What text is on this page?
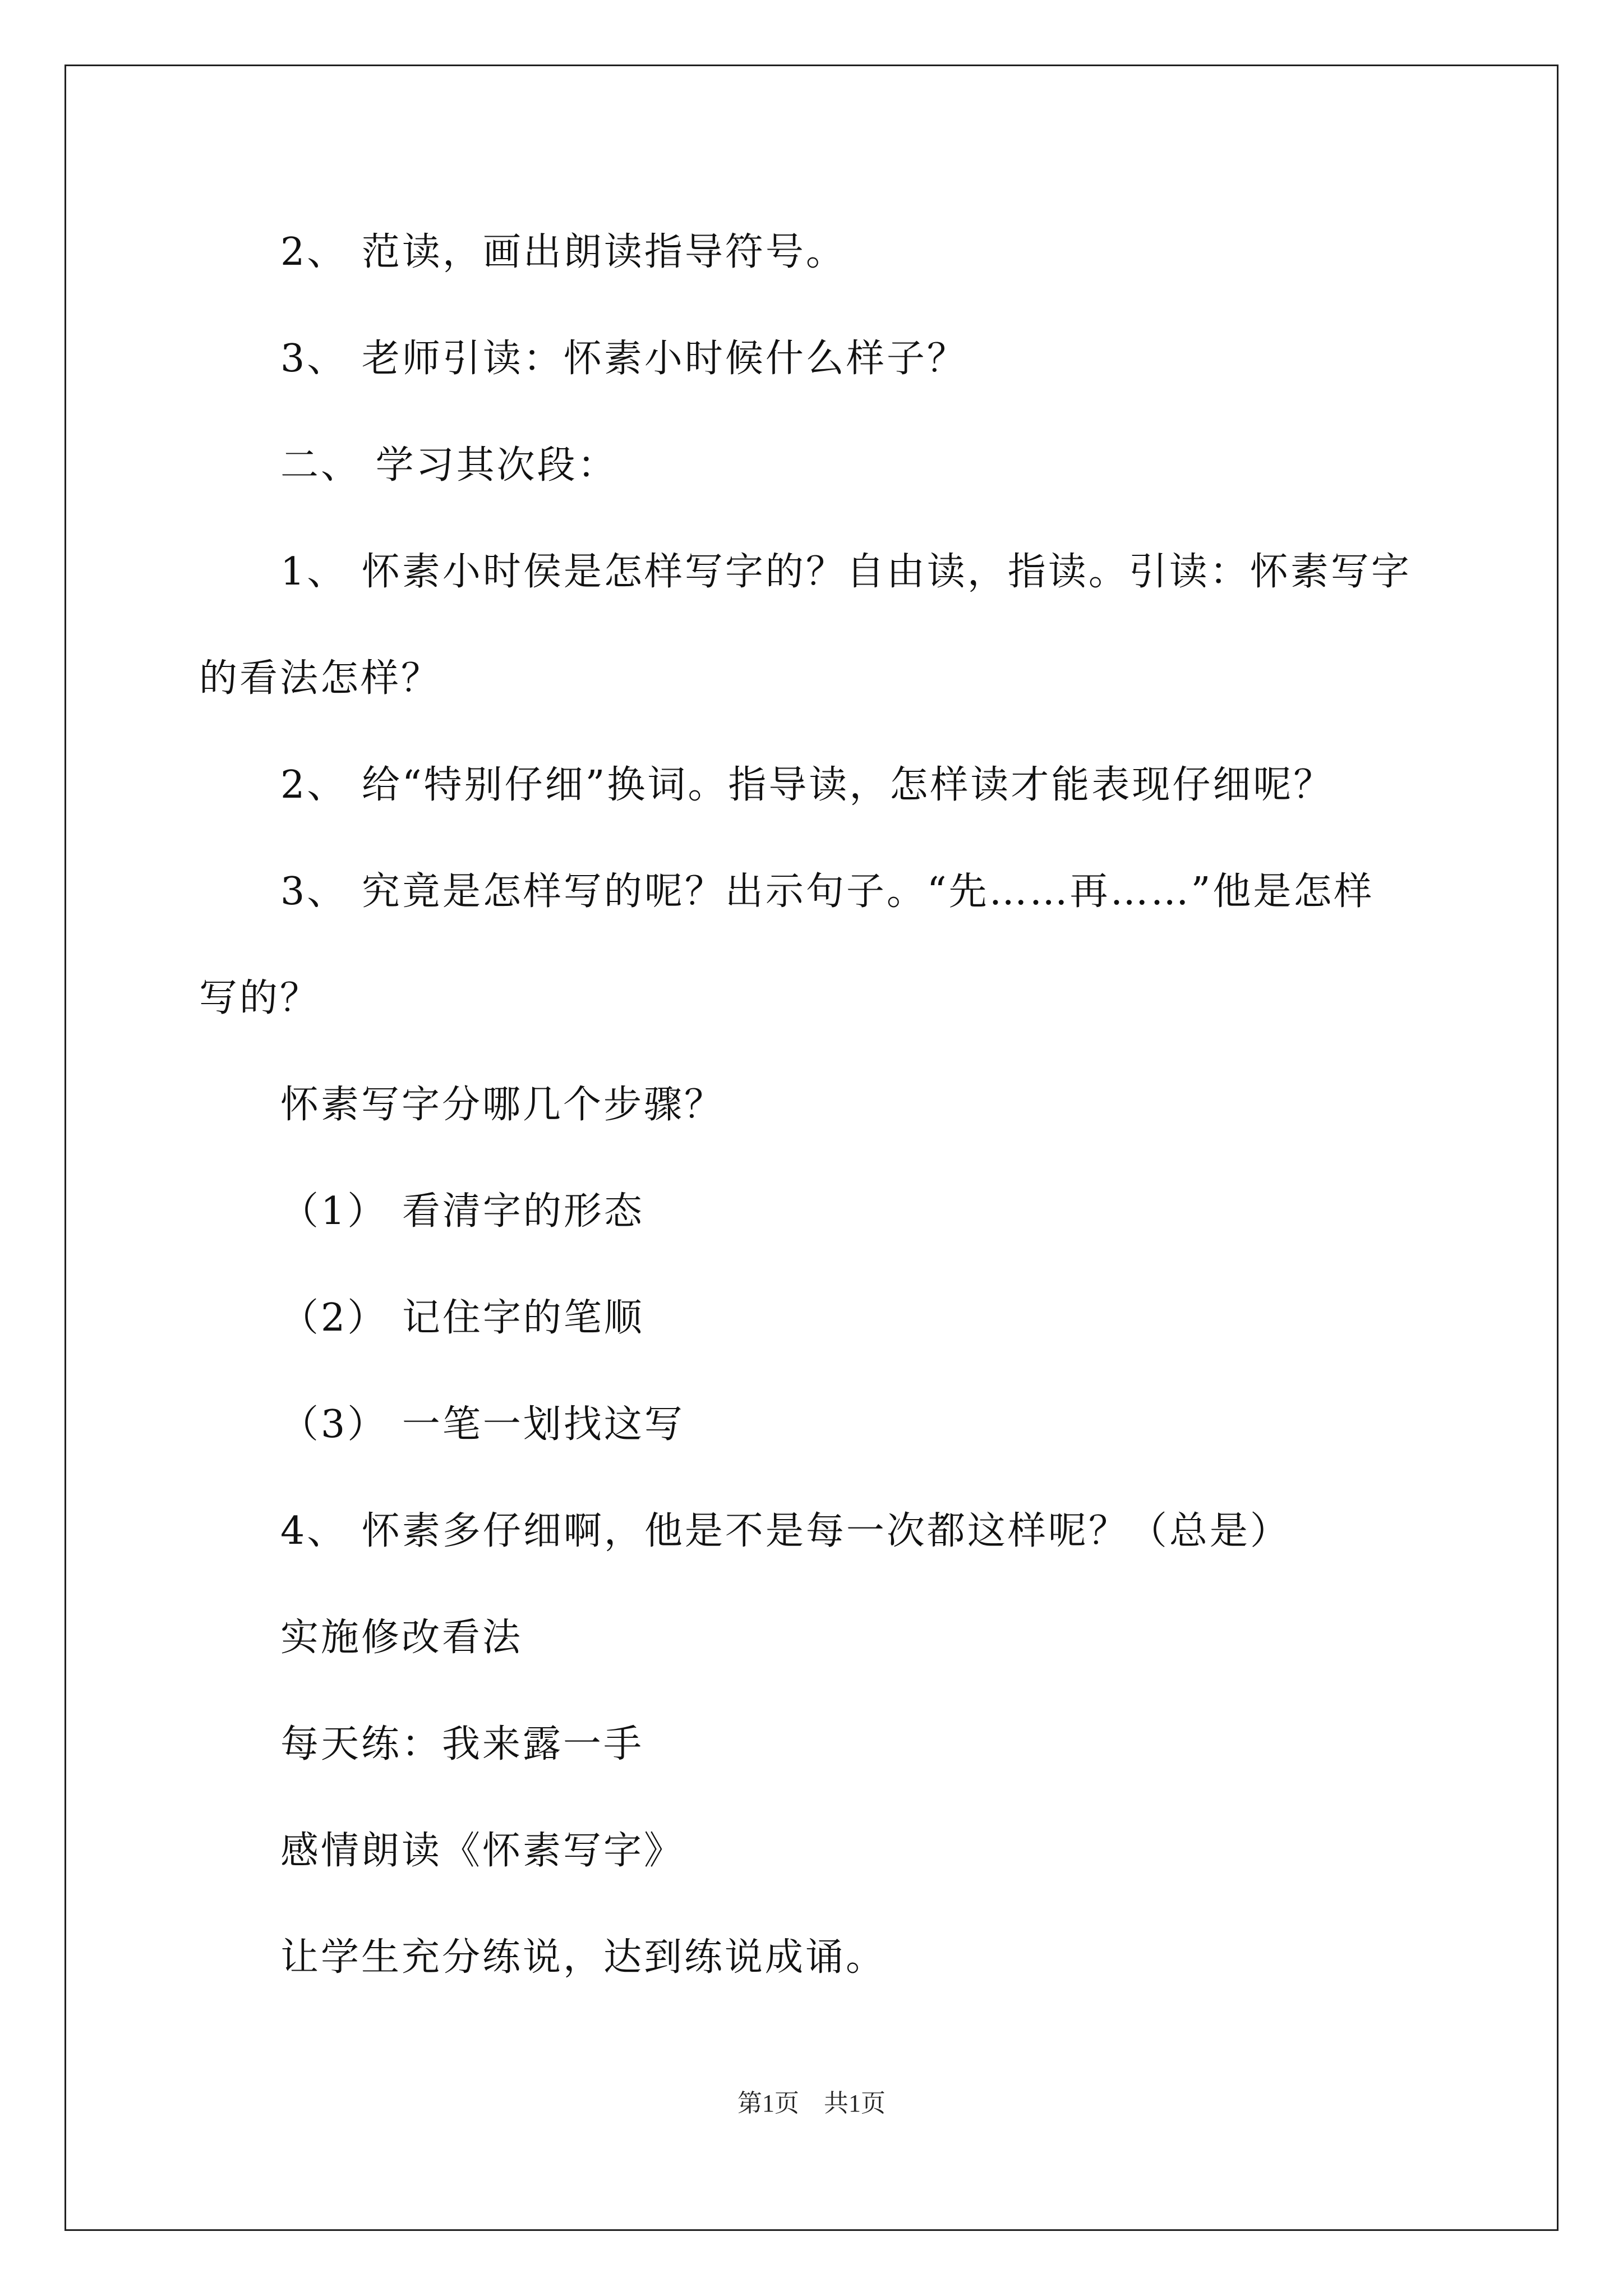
2、 范读，画出朗读指导符号。
3、 老师引读：怀素小时候什么样子？
二、 学习其次段：
1、 怀素小时侯是怎样写字的？自由读，指读。引读：怀素写字
的看法怎样？
2、 给“特别仔细”换词。指导读，怎样读才能表现仔细呢？
3、 究竟是怎样写的呢？出示句子。“先……再……”他是怎样
写的？
怀素写字分哪几个步骤？
（1） 看清字的形态
（2） 记住字的笔顺
（3） 一笔一划找这写
4、 怀素多仔细啊，他是不是每一次都这样呢？（总是）
实施修改看法
每天练：我来露一手
感情朗读《怀素写字》
让学生充分练说，达到练说成诵。
第1页　共1页
